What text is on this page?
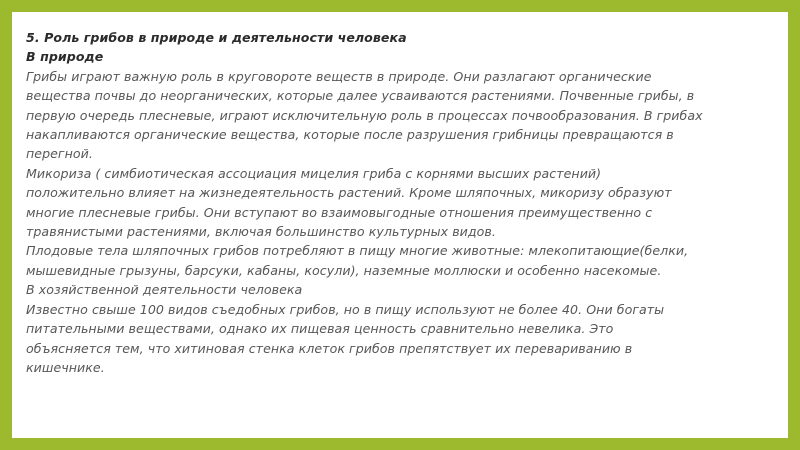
5. Роль грибов в природе и деятельности человека

В природе

Грибы играют важную роль в круговороте веществ в природе. Они разлагают органические

вещества почвы до неорганических, которые далее усваиваются растениями. Почвенные грибы, в

первую очередь плесневые, играют исключительную роль в процессах почвообразования. В грибах

накапливаются органические вещества, которые после разрушения грибницы превращаются в

перегной.

Микориза ( симбиотическая ассоциация мицелия гриба с корнями высших растений)

положительно влияет на жизнедеятельность растений. Кроме шляпочных, микоризу образуют

многие плесневые грибы. Они вступают во взаимовыгодные отношения преимущественно с

травянистыми растениями, включая большинство культурных видов.

Плодовые тела шляпочных грибов потребляют в пищу многие животные: млекопитающие(белки,

мышевидные грызуны, барсуки, кабаны, косули), наземные моллюски и особенно насекомые.

В хозяйственной деятельности человека

Известно свыше 100 видов съедобных грибов, но в пищу используют не более 40. Они богаты

питательными веществами, однако их пищевая ценность сравнительно невелика. Это

объясняется тем, что хитиновая стенка клеток грибов препятствует их перевариванию в

кишечнике.
